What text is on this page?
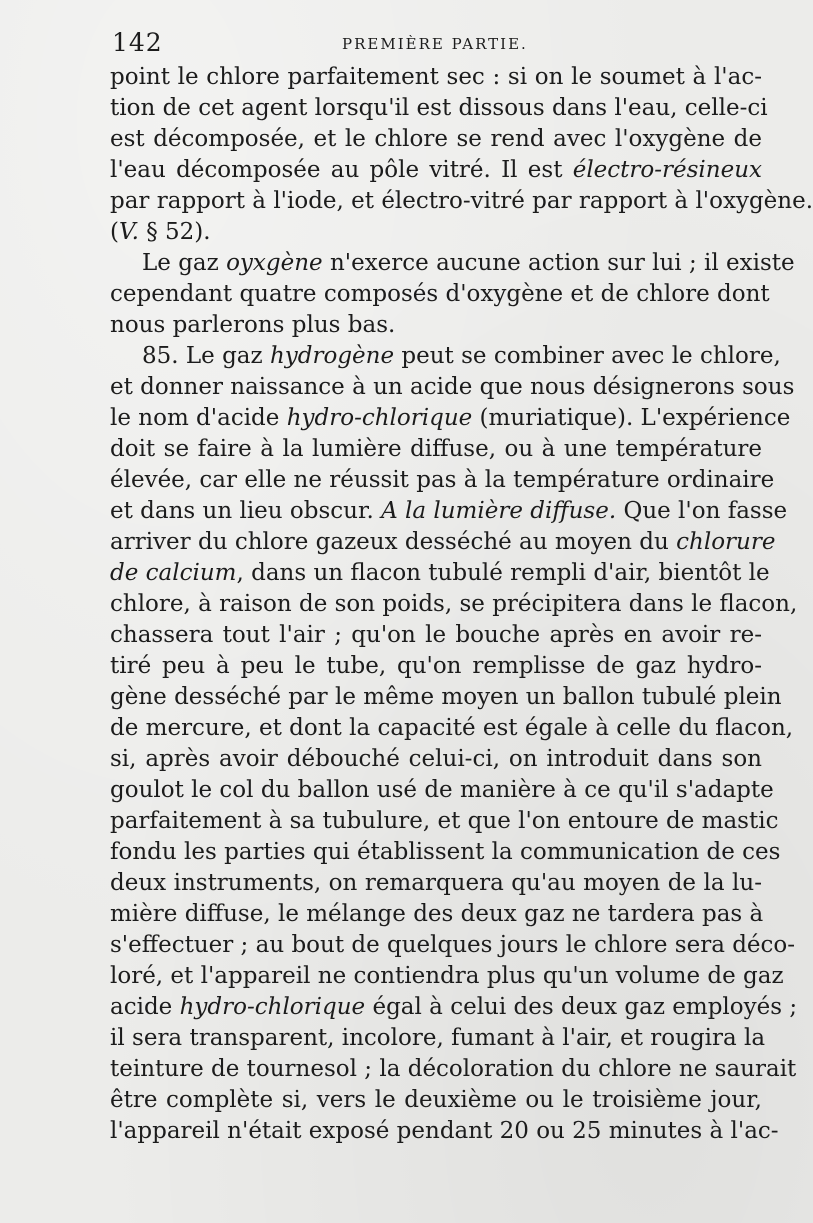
142	PREMIÈRE PARTIE.
point le chlore parfaitement sec : si on le soumet à l'ac-
tion de cet agent lorsqu'il est dissous dans l'eau, celle-ci
est décomposée, et le chlore se rend avec l'oxygène de
l'eau décomposée au pôle vitré. Il est électro-résineux
par rapport à l'iode, et électro-vitré par rapport à l'oxygène.
(V. § 52).
Le gaz oyxgène n'exerce aucune action sur lui ; il existe
cependant quatre composés d'oxygène et de chlore dont
nous parlerons plus bas.
85. Le gaz hydrogène peut se combiner avec le chlore,
et donner naissance à un acide que nous désignerons sous
le nom d'acide hydro-chlorique (muriatique). L'expérience
doit se faire à la lumière diffuse, ou à une température
élevée, car elle ne réussit pas à la température ordinaire
et dans un lieu obscur. A la lumière diffuse. Que l'on fasse
arriver du chlore gazeux desséché au moyen du chlorure
de calcium, dans un flacon tubulé rempli d'air, bientôt le
chlore, à raison de son poids, se précipitera dans le flacon,
chassera tout l'air ; qu'on le bouche après en avoir re-
tiré peu à peu le tube, qu'on remplisse de gaz hydro-
gène desséché par le même moyen un ballon tubulé plein
de mercure, et dont la capacité est égale à celle du flacon,
si, après avoir débouché celui-ci, on introduit dans son
goulot le col du ballon usé de manière à ce qu'il s'adapte
parfaitement à sa tubulure, et que l'on entoure de mastic
fondu les parties qui établissent la communication de ces
deux instruments, on remarquera qu'au moyen de la lu-
mière diffuse, le mélange des deux gaz ne tardera pas à
s'effectuer ; au bout de quelques jours le chlore sera déco-
loré, et l'appareil ne contiendra plus qu'un volume de gaz
acide hydro-chlorique égal à celui des deux gaz employés ;
il sera transparent, incolore, fumant à l'air, et rougira la
teinture de tournesol ; la décoloration du chlore ne saurait
être complète si, vers le deuxième ou le troisième jour,
l'appareil n'était exposé pendant 20 ou 25 minutes à l'ac-
